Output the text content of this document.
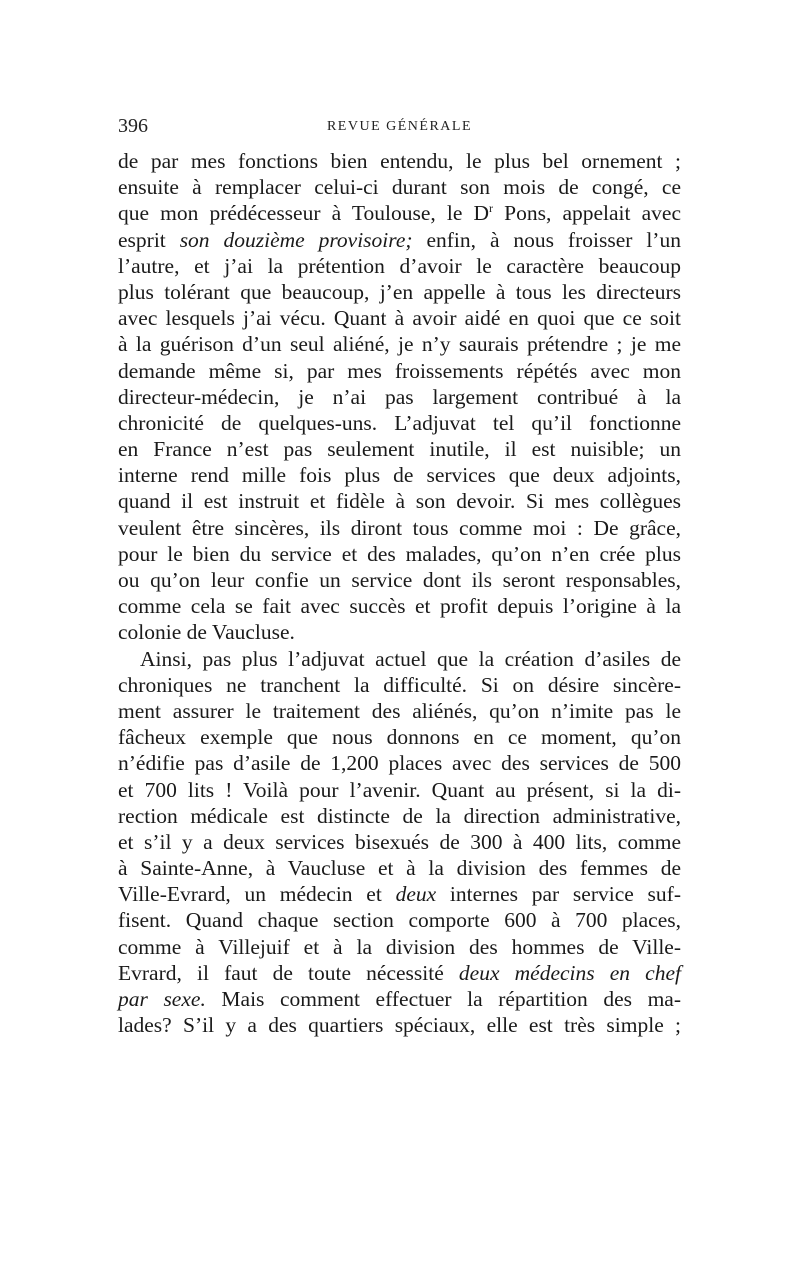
396	REVUE GÉNÉRALE
de par mes fonctions bien entendu, le plus bel ornement ;
ensuite à remplacer celui-ci durant son mois de congé, ce
que mon prédécesseur à Toulouse, le $D^r$ Pons, appelait avec
esprit son douzième provisoire; enfin, à nous froisser l’un
l’autre, et j’ai la prétention d’avoir le caractère beaucoup
plus tolérant que beaucoup, j’en appelle à tous les directeurs
avec lesquels j’ai vécu. Quant à avoir aidé en quoi que ce soit
à la guérison d’un seul aliéné, je n’y saurais prétendre ; je me
demande même si, par mes froissements répétés avec mon
directeur-médecin, je n’ai pas largement contribué à la
chronicité de quelques-uns. L’adjuvat tel qu’il fonctionne
en France n’est pas seulement inutile, il est nuisible; un
interne rend mille fois plus de services que deux adjoints,
quand il est instruit et fidèle à son devoir. Si mes collègues
veulent être sincères, ils diront tous comme moi : De grâce,
pour le bien du service et des malades, qu’on n’en crée plus
ou qu’on leur confie un service dont ils seront responsables,
comme cela se fait avec succès et profit depuis l’origine à la
colonie de Vaucluse.
Ainsi, pas plus l’adjuvat actuel que la création d’asiles de
chroniques ne tranchent la difficulté. Si on désire sincère-
ment assurer le traitement des aliénés, qu’on n’imite pas le
fâcheux exemple que nous donnons en ce moment, qu’on
n’édifie pas d’asile de 1,200 places avec des services de 500
et 700 lits ! Voilà pour l’avenir. Quant au présent, si la di-
rection médicale est distincte de la direction administrative,
et s’il y a deux services bisexués de 300 à 400 lits, comme
à Sainte-Anne, à Vaucluse et à la division des femmes de
Ville-Evrard, un médecin et deux internes par service suf-
fisent. Quand chaque section comporte 600 à 700 places,
comme à Villejuif et à la division des hommes de Ville-
Evrard, il faut de toute nécessité deux médecins en chef
par sexe. Mais comment effectuer la répartition des ma-
lades? S’il y a des quartiers spéciaux, elle est très simple ;
